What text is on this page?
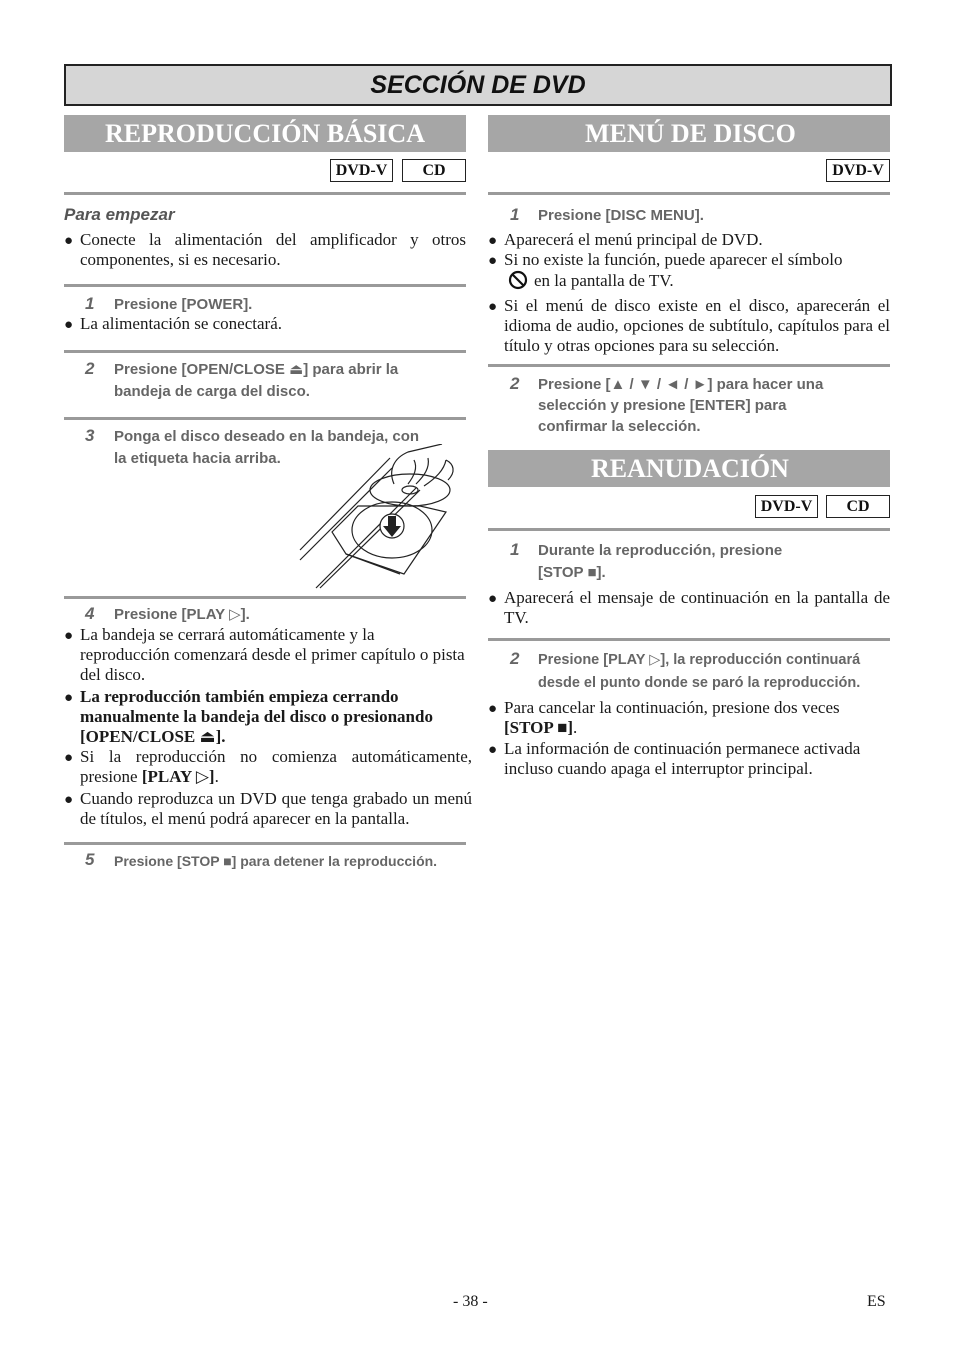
SECCIÓN DE DVD
REPRODUCCIÓN BÁSICA
DVD-V	CD
Para empezar
● Conecte la alimentación del amplificador y otros componentes, si es necesario.
1 Presione [POWER].
● La alimentación se conectará.
2 Presione [OPEN/CLOSE ⏏] para abrir la
bandeja de carga del disco.
3 Ponga el disco deseado en la bandeja, con
la etiqueta hacia arriba.
4 Presione [PLAY ▷].
● La bandeja se cerrará automáticamente y la reproducción comenzará desde el primer capítulo o pista del disco.
● La reproducción también empieza cerrando manualmente la bandeja del disco o presionando [OPEN/CLOSE ⏏].
● Si la reproducción no comienza automáticamente, presione [PLAY ▷].
● Cuando reproduzca un DVD que tenga grabado un menú de títulos, el menú podrá aparecer en la pantalla.
5 Presione [STOP ■] para detener la reproducción.
MENÚ DE DISCO
DVD-V
1 Presione [DISC MENU].
● Aparecerá el menú principal de DVD.
● Si no existe la función, puede aparecer el símbolo
en la pantalla de TV.
● Si el menú de disco existe en el disco, aparecerán el idioma de audio, opciones de subtítulo, capítulos para el título y otras opciones para su selección.
2 Presione [▲ / ▼ / ◄ / ►] para hacer una
selección y presione [ENTER] para
confirmar la selección.
REANUDACIÓN
DVD-V	CD
1 Durante la reproducción, presione
[STOP ■].
● Aparecerá el mensaje de continuación en la pantalla de TV.
2 Presione [PLAY ▷], la reproducción continuará
desde el punto donde se paró la reproducción.
● Para cancelar la continuación, presione dos veces
[STOP ■].
● La información de continuación permanece activada incluso cuando apaga el interruptor principal.
- 38 -	ES
